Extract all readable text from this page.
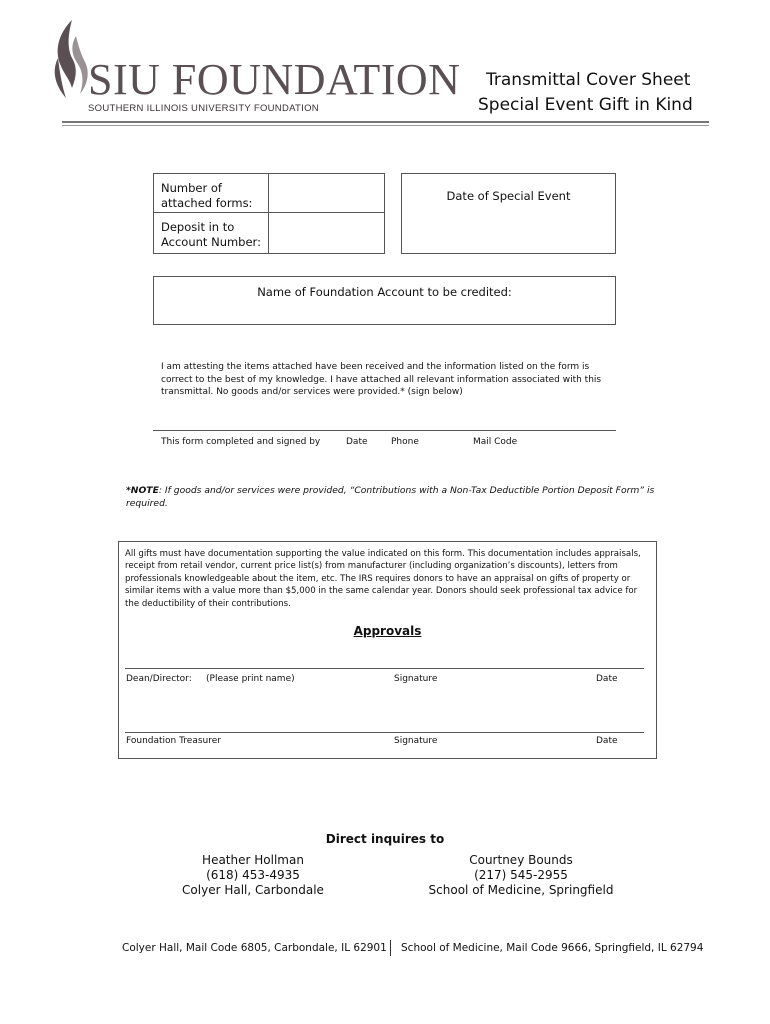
SIU FOUNDATION
SOUTHERN ILLINOIS UNIVERSITY FOUNDATION
Transmittal Cover Sheet
Special Event Gift in Kind
Number of attached forms:
Deposit in to Account Number:
Date of Special Event
Name of Foundation Account to be credited:
I am attesting the items attached have been received and the information listed on the form is correct to the best of my knowledge. I have attached all relevant information associated with this transmittal. No goods and/or services were provided.* (sign below)
This form completed and signed by	Date	Phone	Mail Code
*NOTE: If goods and/or services were provided, “Contributions with a Non-Tax Deductible Portion Deposit Form” is required.
All gifts must have documentation supporting the value indicated on this form. This documentation includes appraisals, receipt from retail vendor, current price list(s) from manufacturer (including organization’s discounts), letters from professionals knowledgeable about the item, etc. The IRS requires donors to have an appraisal on gifts of property or similar items with a value more than $5,000 in the same calendar year. Donors should seek professional tax advice for the deductibility of their contributions.
Approvals
Dean/Director: (Please print name)	Signature	Date
Foundation Treasurer	Signature	Date
Direct inquires to
Heather Hollman
(618) 453-4935
Colyer Hall, Carbondale
Courtney Bounds
(217) 545-2955
School of Medicine, Springfield
Colyer Hall, Mail Code 6805, Carbondale, IL 62901 School of Medicine, Mail Code 9666, Springfield, IL 62794
